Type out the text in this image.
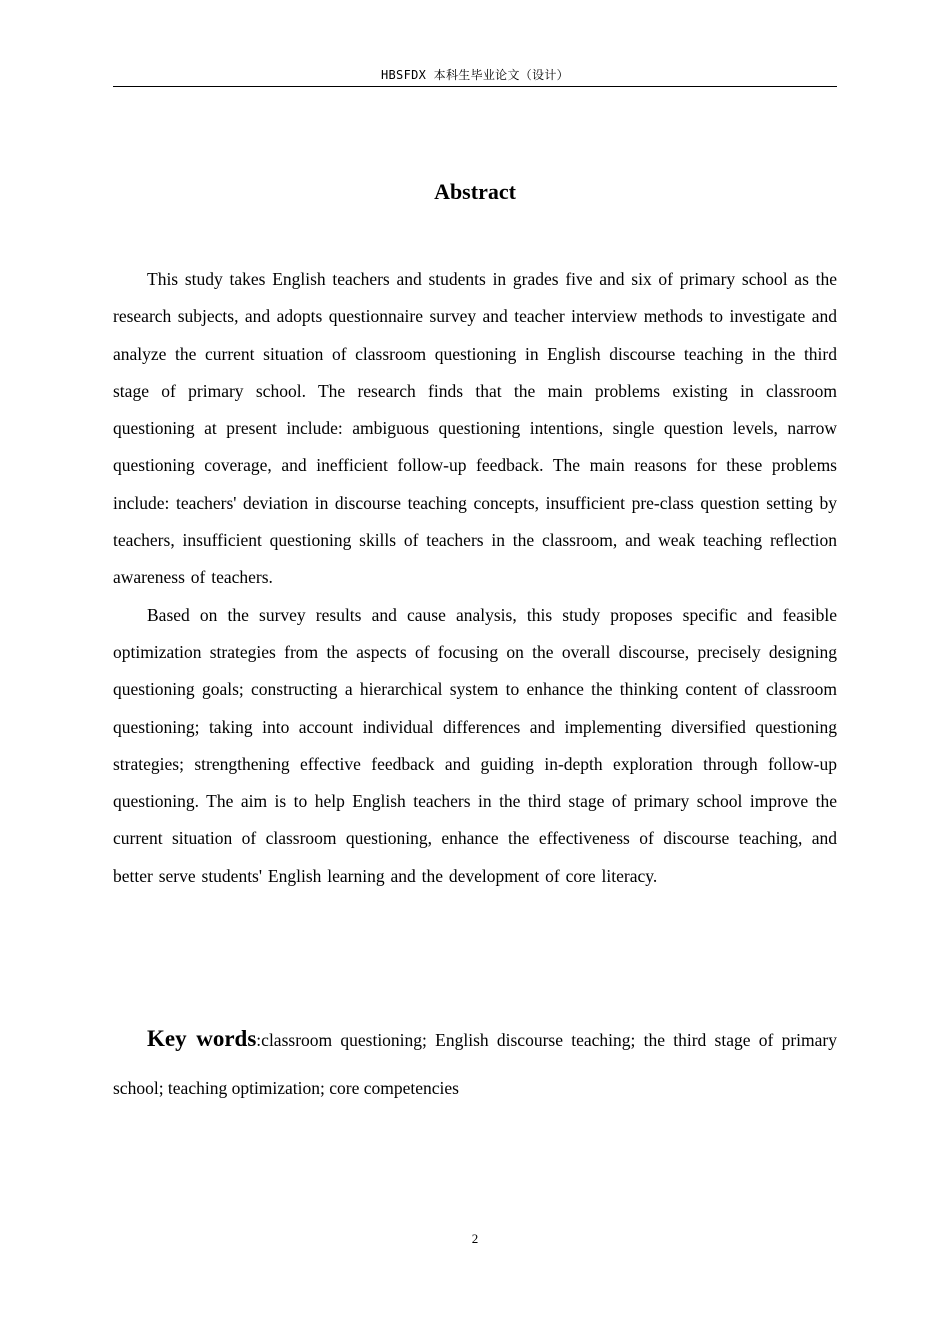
HBSFDX 本科生毕业论文（设计）
Abstract

This study takes English teachers and students in grades five and six of primary school as the research subjects, and adopts questionnaire survey and teacher interview methods to investigate and analyze the current situation of classroom questioning in English discourse teaching in the third stage of primary school. The research finds that the main problems existing in classroom questioning at present include: ambiguous questioning intentions, single question levels, narrow questioning coverage, and inefficient follow-up feedback. The main reasons for these problems include: teachers' deviation in discourse teaching concepts, insufficient pre-class question setting by teachers, insufficient questioning skills of teachers in the classroom, and weak teaching reflection awareness of teachers.

Based on the survey results and cause analysis, this study proposes specific and feasible optimization strategies from the aspects of focusing on the overall discourse, precisely designing questioning goals; constructing a hierarchical system to enhance the thinking content of classroom questioning; taking into account individual differences and implementing diversified questioning strategies; strengthening effective feedback and guiding in-depth exploration through follow-up questioning. The aim is to help English teachers in the third stage of primary school improve the current situation of classroom questioning, enhance the effectiveness of discourse teaching, and better serve students' English learning and the development of core literacy.

Key words:classroom questioning; English discourse teaching; the third stage of primary school; teaching optimization; core competencies

2
